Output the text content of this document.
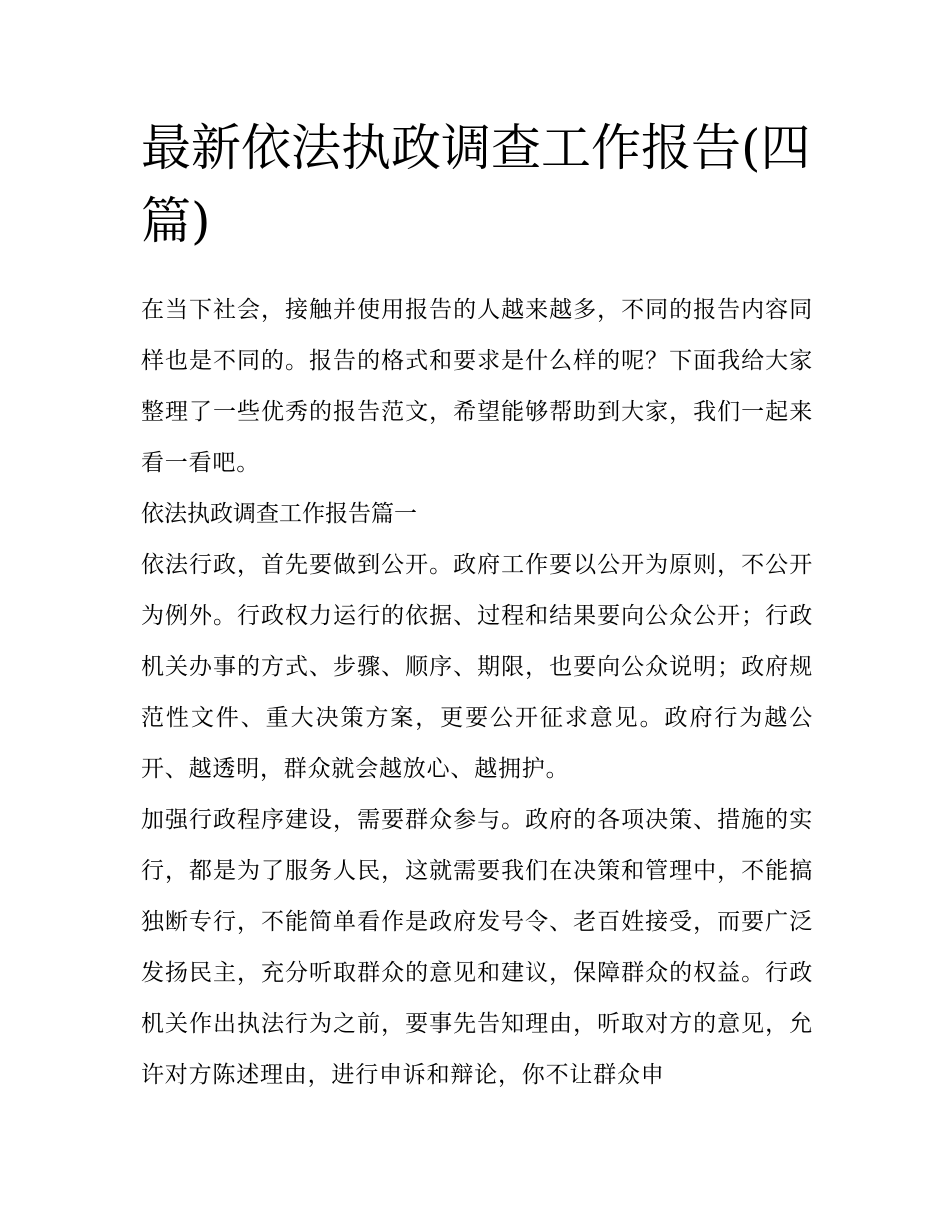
最新依法执政调查工作报告(四篇)

在当下社会，接触并使用报告的人越来越多，不同的报告内容同样也是不同的。报告的格式和要求是什么样的呢？下面我给大家整理了一些优秀的报告范文，希望能够帮助到大家，我们一起来看一看吧。

依法执政调查工作报告篇一

依法行政，首先要做到公开。政府工作要以公开为原则，不公开为例外。行政权力运行的依据、过程和结果要向公众公开；行政机关办事的方式、步骤、顺序、期限，也要向公众说明；政府规范性文件、重大决策方案，更要公开征求意见。政府行为越公开、越透明，群众就会越放心、越拥护。

加强行政程序建设，需要群众参与。政府的各项决策、措施的实行，都是为了服务人民，这就需要我们在决策和管理中，不能搞独断专行，不能简单看作是政府发号令、老百姓接受，而要广泛发扬民主，充分听取群众的意见和建议，保障群众的权益。行政机关作出执法行为之前，要事先告知理由，听取对方的意见，允许对方陈述理由，进行申诉和辩论，你不让群众申
